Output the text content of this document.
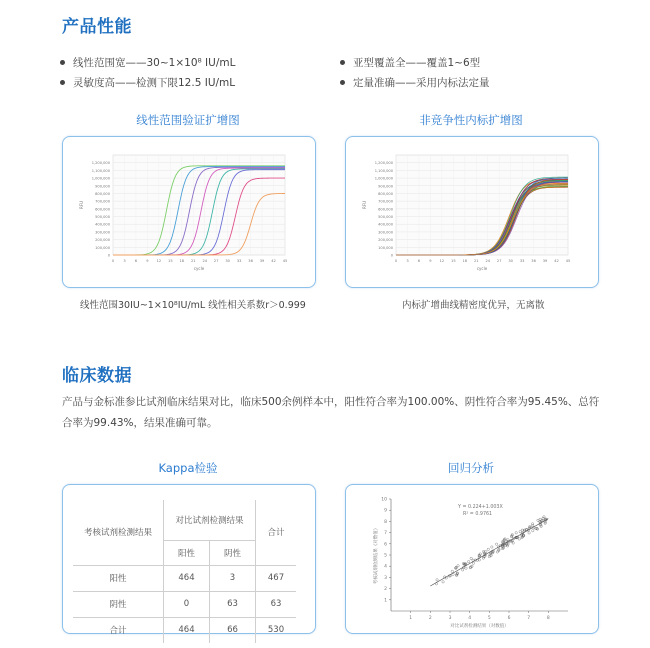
产品性能
线性范围宽——30~1×10⁸ IU/mL
灵敏度高——检测下限12.5 IU/mL
亚型覆盖全——覆盖1~6型
定量准确——采用内标法定量
线性范围验证扩增图	非竞争性内标扩增图
0
100,000
200,000
300,000
400,000
500,000
600,000
700,000
800,000
900,000
1,000,000
1,100,000
1,200,000
0	3	6	9 12 15 18 21 24 27 30 33 36 39 42 45
cycle
RFU
0
100,000
200,000
300,000
400,000
500,000
600,000
700,000
800,000
900,000
1,000,000
1,100,000
1,200,000
0	3	6	9 12 15 18 21 24 27 30 33 36 39 42 45
cycle
RFU
线性范围30IU~1×10⁸IU/mL 线性相关系数r＞0.999	内标扩增曲线精密度优异，无离散
临床数据
产品与金标准参比试剂临床结果对比，临床500余例样本中，阳性符合率为100.00%、阴性符合率为95.45%、总符合率为99.43%，结果准确可靠。
Kappa检验	回归分析
考核试剂检测结果	对比试剂检测结果		合计
	阳性	阴性	
阳性	464	3	467
阴性	0	63	63
合计	464	66	530
1
2
3
4
5
6
7
8
9
10
1	2	3	4	5	6	7	8
对比试剂检测结果（对数值）
考核试剂检测结果（对数值）
Y = 0.224+1.003X
R² = 0.9761
